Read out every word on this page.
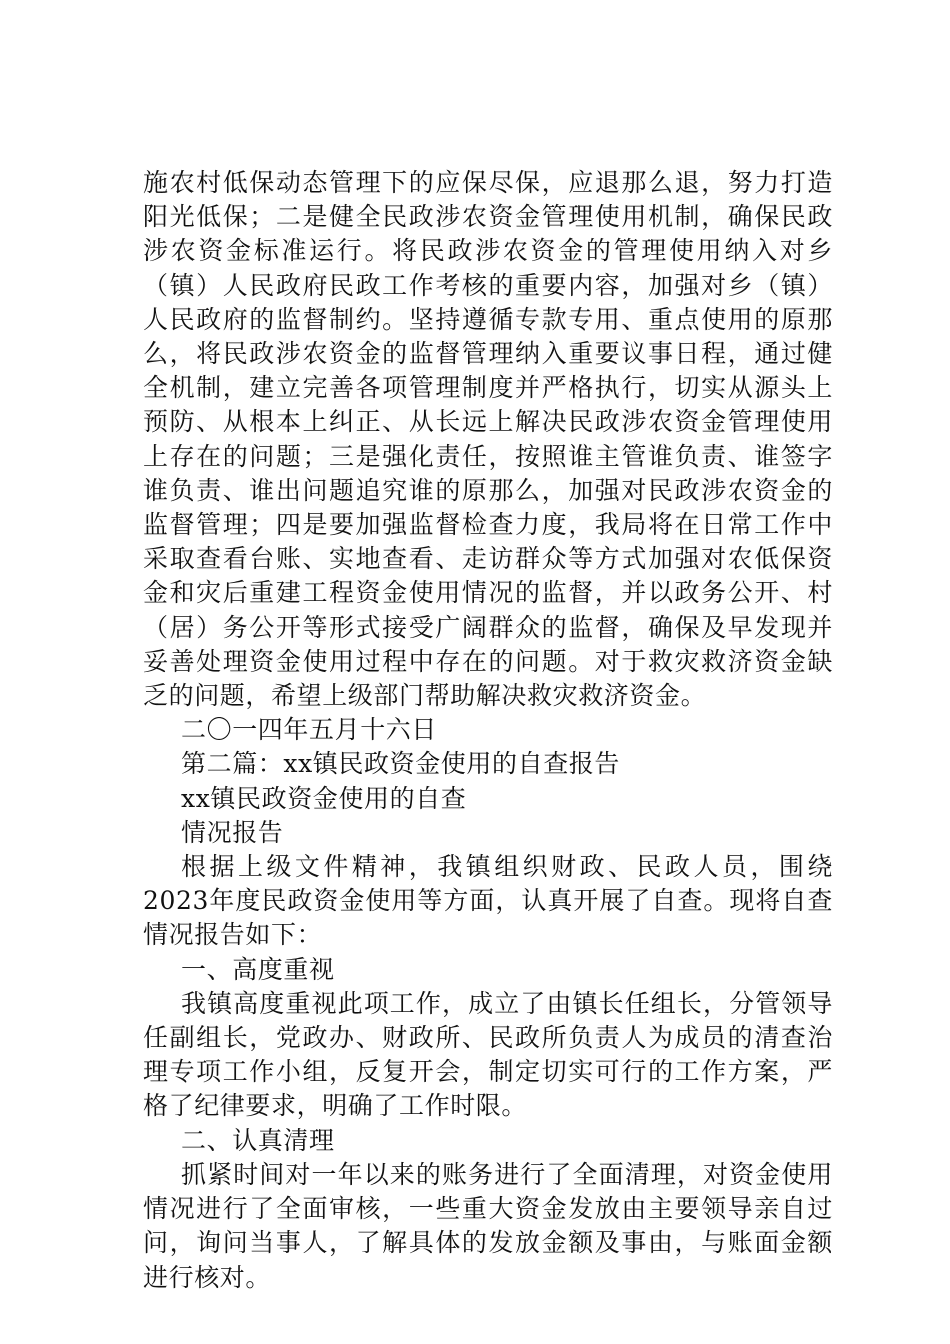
施农村低保动态管理下的应保尽保，应退那么退，努力打造阳光低保；二是健全民政涉农资金管理使用机制，确保民政涉农资金标准运行。将民政涉农资金的管理使用纳入对乡（镇）人民政府民政工作考核的重要内容，加强对乡（镇）人民政府的监督制约。坚持遵循专款专用、重点使用的原那么，将民政涉农资金的监督管理纳入重要议事日程，通过健全机制，建立完善各项管理制度并严格执行，切实从源头上预防、从根本上纠正、从长远上解决民政涉农资金管理使用上存在的问题；三是强化责任，按照谁主管谁负责、谁签字谁负责、谁出问题追究谁的原那么，加强对民政涉农资金的监督管理；四是要加强监督检查力度，我局将在日常工作中采取查看台账、实地查看、走访群众等方式加强对农低保资金和灾后重建工程资金使用情况的监督，并以政务公开、村（居）务公开等形式接受广阔群众的监督，确保及早发现并妥善处理资金使用过程中存在的问题。对于救灾救济资金缺乏的问题，希望上级部门帮助解决救灾救济资金。

二〇一四年五月十六日

第二篇：xx镇民政资金使用的自查报告

xx镇民政资金使用的自查

情况报告

根据上级文件精神，我镇组织财政、民政人员，围绕2023年度民政资金使用等方面，认真开展了自查。现将自查情况报告如下：

一、高度重视

我镇高度重视此项工作，成立了由镇长任组长，分管领导任副组长，党政办、财政所、民政所负责人为成员的清查治理专项工作小组，反复开会，制定切实可行的工作方案，严格了纪律要求，明确了工作时限。

二、认真清理

抓紧时间对一年以来的账务进行了全面清理，对资金使用情况进行了全面审核，一些重大资金发放由主要领导亲自过问，询问当事人，了解具体的发放金额及事由，与账面金额进行核对。
